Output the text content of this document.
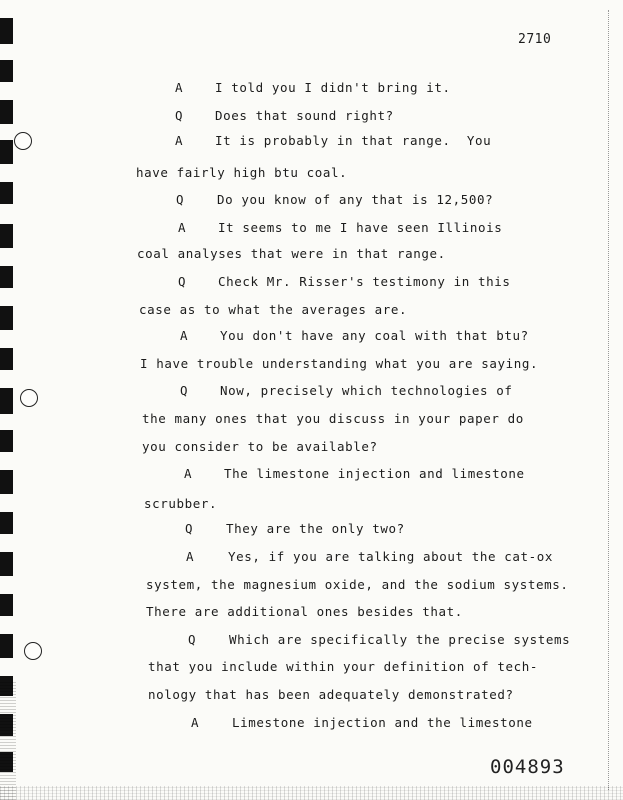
2710
A	I told you I didn't bring it.
Q	Does that sound right?
A	It is probably in that range.  You
have fairly high btu coal.
Q	Do you know of any that is 12,500?
A	It seems to me I have seen Illinois
coal analyses that were in that range.
Q	Check Mr. Risser's testimony in this
case as to what the averages are.
A	You don't have any coal with that btu?
I have trouble understanding what you are saying.
Q	Now, precisely which technologies of
the many ones that you discuss in your paper do
you consider to be available?
A	The limestone injection and limestone
scrubber.
Q	They are the only two?
A	Yes, if you are talking about the cat-ox
system, the magnesium oxide, and the sodium systems.
There are additional ones besides that.
Q	Which are specifically the precise systems
that you include within your definition of tech-
nology that has been adequately demonstrated?
A	Limestone injection and the limestone
004893
